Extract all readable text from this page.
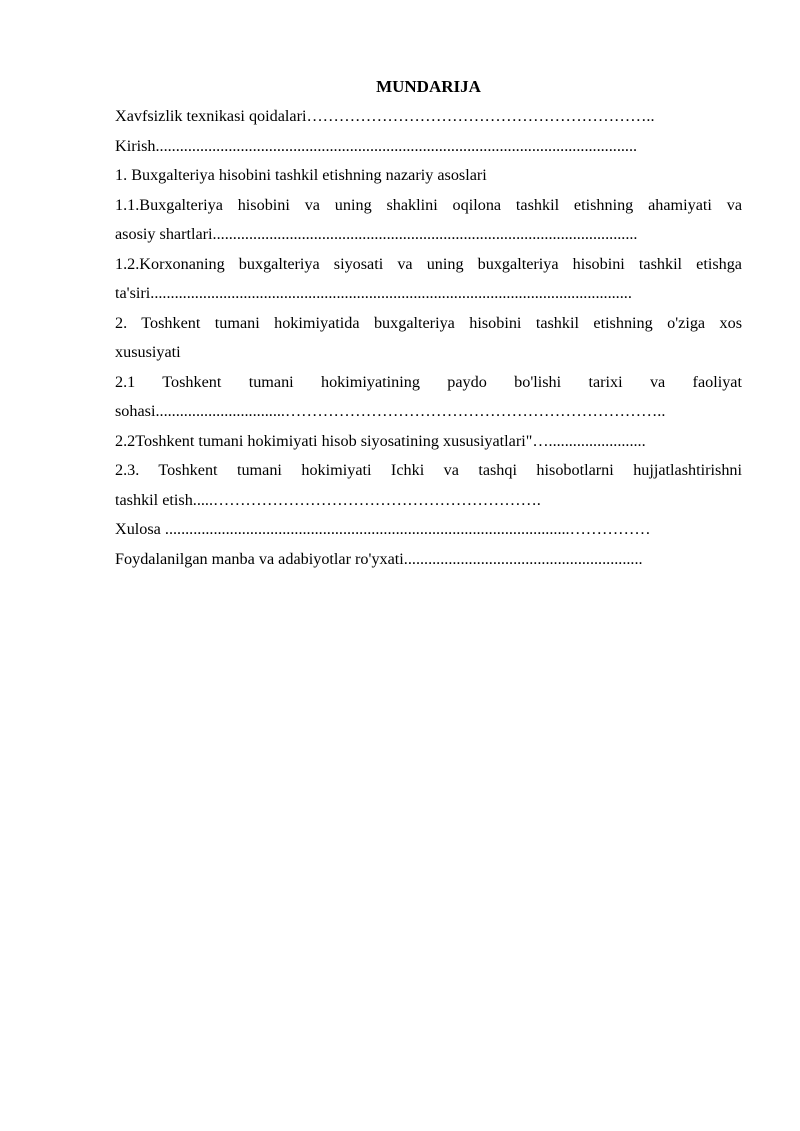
MUNDARIJA
Xavfsizlik texnikasi qoidalari………………………………………………………..
Kirish.......................................................................................................................
1. Buxgalteriya hisobini tashkil etishning nazariy asoslari
1.1.Buxgalteriya hisobini va uning shaklini oqilona tashkil etishning ahamiyati va
asosiy shartlari.........................................................................................................
1.2.Korxonaning buxgalteriya siyosati va uning buxgalteriya hisobini tashkil etishga
ta'siri.......................................................................................................................
2. Toshkent tumani hokimiyatida buxgalteriya hisobini tashkil etishning o'ziga xos
xususiyati
2.1 Toshkent tumani hokimiyatining paydo bo'lishi tarixi va faoliyat
sohasi................................……………………………………………………………..
2.2Toshkent tumani hokimiyati hisob siyosatining xususiyatlari"…........................
2.3. Toshkent tumani hokimiyati Ichki va tashqi hisobotlarni hujjatlashtirishni
tashkil etish.....…………………………………………………….
Xulosa ....................................................................................................……………
Foydalanilgan manba va adabiyotlar ro'yxati...........................................................
